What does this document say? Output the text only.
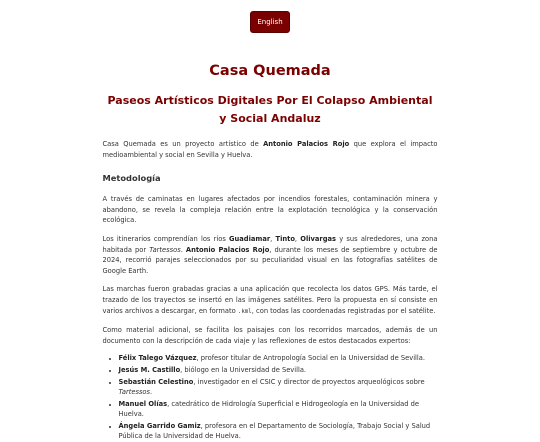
English
Casa Quemada
Paseos Artísticos Digitales Por El Colapso Ambiental y Social Andaluz

Casa Quemada es un proyecto artístico de Antonio Palacios Rojo que explora el impacto medioambiental y social en Sevilla y Huelva.

Metodología

A través de caminatas en lugares afectados por incendios forestales, contaminación minera y abandono, se revela la compleja relación entre la explotación tecnológica y la conservación ecológica.

Los itinerarios comprendían los ríos Guadiamar, Tinto, Olivargas y sus alrededores, una zona habitada por Tartessos. Antonio Palacios Rojo, durante los meses de septiembre y octubre de 2024, recorrió parajes seleccionados por su peculiaridad visual en las fotografías satélites de Google Earth.

Las marchas fueron grabadas gracias a una aplicación que recolecta los datos GPS. Más tarde, el trazado de los trayectos se insertó en las imágenes satélites. Pero la propuesta en sí consiste en varios archivos a descargar, en formato .kml, con todas las coordenadas registradas por el satélite.

Como material adicional, se facilita los paisajes con los recorridos marcados, además de un documento con la descripción de cada viaje y las reflexiones de estos destacados expertos:

• Félix Talego Vázquez, profesor titular de Antropología Social en la Universidad de Sevilla.
• Jesús M. Castillo, biólogo en la Universidad de Sevilla.
• Sebastián Celestino, investigador en el CSIC y director de proyectos arqueológicos sobre Tartessos.
• Manuel Olías, catedrático de Hidrología Superficial e Hidrogeología en la Universidad de Huelva.
• Ángela Garrido Gamiz, profesora en el Departamento de Sociología, Trabajo Social y Salud Pública de la Universidad de Huelva.
